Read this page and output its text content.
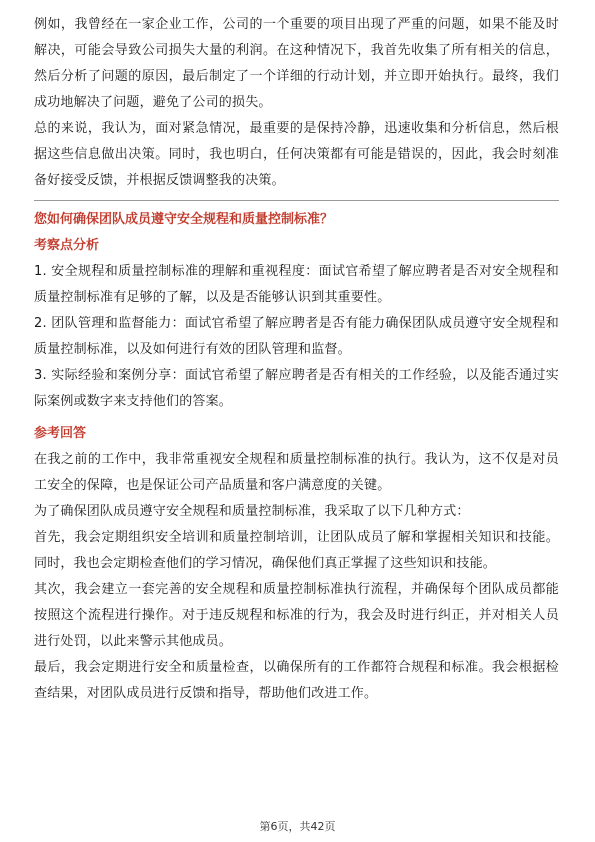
例如，我曾经在一家企业工作，公司的一个重要的项目出现了严重的问题，如果不能及时解决，可能会导致公司损失大量的利润。在这种情况下，我首先收集了所有相关的信息，然后分析了问题的原因，最后制定了一个详细的行动计划，并立即开始执行。最终，我们成功地解决了问题，避免了公司的损失。

总的来说，我认为，面对紧急情况，最重要的是保持冷静，迅速收集和分析信息，然后根据这些信息做出决策。同时，我也明白，任何决策都有可能是错误的，因此，我会时刻准备好接受反馈，并根据反馈调整我的决策。

您如何确保团队成员遵守安全规程和质量控制标准？

考察点分析

1. 安全规程和质量控制标准的理解和重视程度：面试官希望了解应聘者是否对安全规程和质量控制标准有足够的了解，以及是否能够认识到其重要性。

2. 团队管理和监督能力：面试官希望了解应聘者是否有能力确保团队成员遵守安全规程和质量控制标准，以及如何进行有效的团队管理和监督。

3. 实际经验和案例分享：面试官希望了解应聘者是否有相关的工作经验，以及能否通过实际案例或数字来支持他们的答案。

参考回答

在我之前的工作中，我非常重视安全规程和质量控制标准的执行。我认为，这不仅是对员工安全的保障，也是保证公司产品质量和客户满意度的关键。

为了确保团队成员遵守安全规程和质量控制标准，我采取了以下几种方式：

首先，我会定期组织安全培训和质量控制培训，让团队成员了解和掌握相关知识和技能。同时，我也会定期检查他们的学习情况，确保他们真正掌握了这些知识和技能。

其次，我会建立一套完善的安全规程和质量控制标准执行流程，并确保每个团队成员都能按照这个流程进行操作。对于违反规程和标准的行为，我会及时进行纠正，并对相关人员进行处罚，以此来警示其他成员。

最后，我会定期进行安全和质量检查，以确保所有的工作都符合规程和标准。我会根据检查结果，对团队成员进行反馈和指导，帮助他们改进工作。

第6页，共42页
